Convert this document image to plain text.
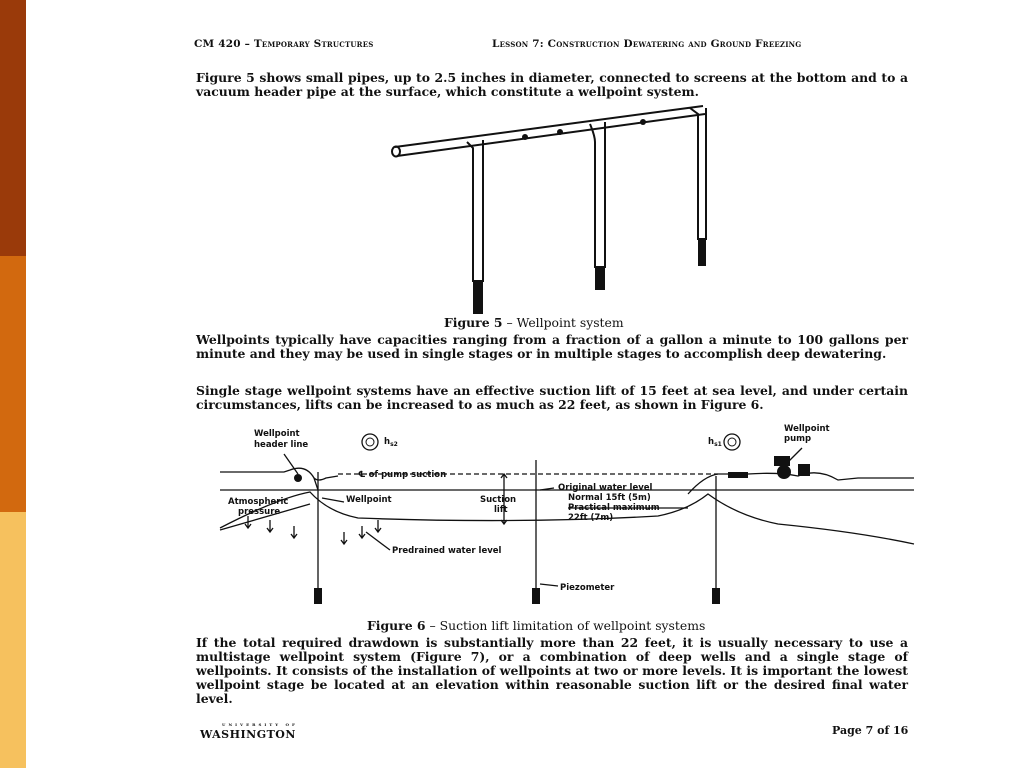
CM 420 – Temporary Structures	Lesson 7: Construction Dewatering and Ground Freezing
Figure 5 shows small pipes, up to 2.5 inches in diameter, connected to screens at the bottom and to a vacuum header pipe at the surface, which constitute a wellpoint system.
Figure 5 – Wellpoint system
Wellpoints typically have capacities ranging from a fraction of a gallon a minute to 100 gallons per minute and they may be used in single stages or in multiple stages to accomplish deep dewatering.
Single stage wellpoint systems have an effective suction lift of 15 feet at sea level, and under certain circumstances, lifts can be increased to as much as 22 feet, as shown in Figure 6.
Wellpoint
header line	$h_{s2}$	$h_{s1}$
Wellpoint
pump
℄ of pump suction
Original water level
Atmospheric
pressure
Wellpoint	Suction
lift
Normal 15ft (5m)
Practical maximum
22ft (7m)
Predrained water level
Piezometer
Figure 6 – Suction lift limitation of wellpoint systems
If the total required drawdown is substantially more than 22 feet, it is usually necessary to use a multistage wellpoint system (Figure 7), or a combination of deep wells and a single stage of wellpoints. It consists of the installation of wellpoints at two or more levels. It is important the lowest wellpoint stage be located at an elevation within reasonable suction lift or the desired final water level.
UNIVERSITY OF
WASHINGTON	Page 7 of 16
